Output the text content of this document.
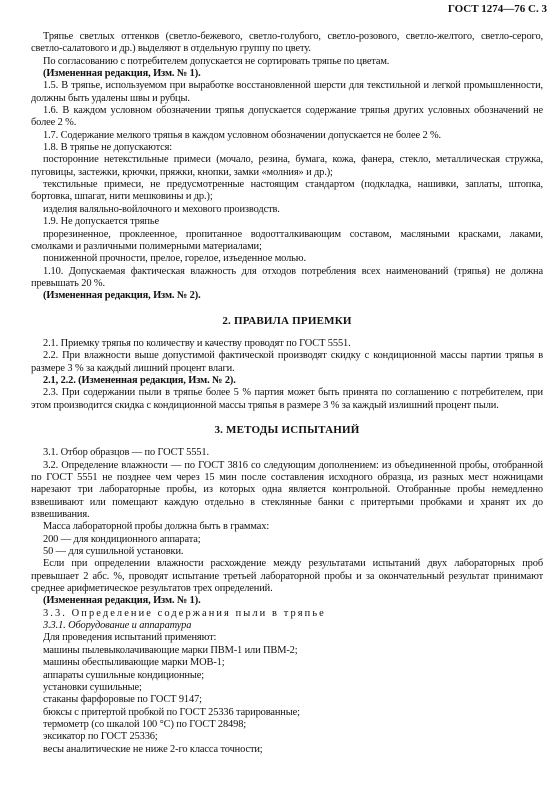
ГОСТ 1274—76 С. 3
Тряпье светлых оттенков (светло-бежевого, светло-голубого, светло-розового, светло-желтого, светло-серого, светло-салатового и др.) выделяют в отдельную группу по цвету.
По согласованию с потребителем допускается не сортировать тряпье по цветам.
(Измененная редакция, Изм. № 1).
1.5. В тряпье, используемом при выработке восстановленной шерсти для текстильной и легкой промышленности, должны быть удалены швы и рубцы.
1.6. В каждом условном обозначении тряпья допускается содержание тряпья других условных обозначений не более 2 %.
1.7. Содержание мелкого тряпья в каждом условном обозначении допускается не более 2 %.
1.8. В тряпье не допускаются:
посторонние нетекстильные примеси (мочало, резина, бумага, кожа, фанера, стекло, металлическая стружка, пуговицы, застежки, крючки, пряжки, кнопки, замки «молния» и др.);
текстильные примеси, не предусмотренные настоящим стандартом (подкладка, нашивки, заплаты, штопка, бортовка, шпагат, нити мешковины и др.);
изделия валяльно-войлочного и мехового производств.
1.9. Не допускается тряпье
прорезиненное, проклеенное, пропитанное водоотталкивающим составом, масляными красками, лаками, смолками и различными полимерными материалами;
пониженной прочности, прелое, горелое, изъеденное молью.
1.10. Допускаемая фактическая влажность для отходов потребления всех наименований (тряпья) не должна превышать 20 %.
(Измененная редакция, Изм. № 2).
2. ПРАВИЛА ПРИЕМКИ
2.1. Приемку тряпья по количеству и качеству проводят по ГОСТ 5551.
2.2. При влажности выше допустимой фактической производят скидку с кондиционной массы партии тряпья в размере 3 % за каждый лишний процент влаги.
2.1, 2.2. (Измененная редакция, Изм. № 2).
2.3. При содержании пыли в тряпье более 5 % партия может быть принята по соглашению с потребителем, при этом производится скидка с кондиционной массы тряпья в размере 3 % за каждый излишний процент пыли.
3. МЕТОДЫ ИСПЫТАНИЙ
3.1. Отбор образцов — по ГОСТ 5551.
3.2. Определение влажности — по ГОСТ 3816 со следующим дополнением: из объединенной пробы, отобранной по ГОСТ 5551 не позднее чем через 15 мин после составления исходного образца, из разных мест ножницами нарезают три лабораторные пробы, из которых одна является контрольной. Отобранные пробы немедленно взвешивают или помещают каждую отдельно в стеклянные банки с притертыми пробками и хранят их до взвешивания.
Масса лабораторной пробы должна быть в граммах:
200 — для кондиционного аппарата;
50 — для сушильной установки.
Если при определении влажности расхождение между результатами испытаний двух лабораторных проб превышает 2 абс. %, проводят испытание третьей лабораторной пробы и за окончательный результат принимают среднее арифметическое результатов трех определений.
(Измененная редакция, Изм. № 1).
3.3. Определение содержания пыли в тряпье
3.3.1. Оборудование и аппаратура
Для проведения испытаний применяют:
машины пылевыколачивающие марки ПВМ-1 или ПВМ-2;
машины обеспыливающие марки МОВ-1;
аппараты сушильные кондиционные;
установки сушильные;
стаканы фарфоровые по ГОСТ 9147;
бюксы с притертой пробкой по ГОСТ 25336 тарированные;
термометр (со шкалой 100 °С) по ГОСТ 28498;
эксикатор по ГОСТ 25336;
весы аналитические не ниже 2-го класса точности;
